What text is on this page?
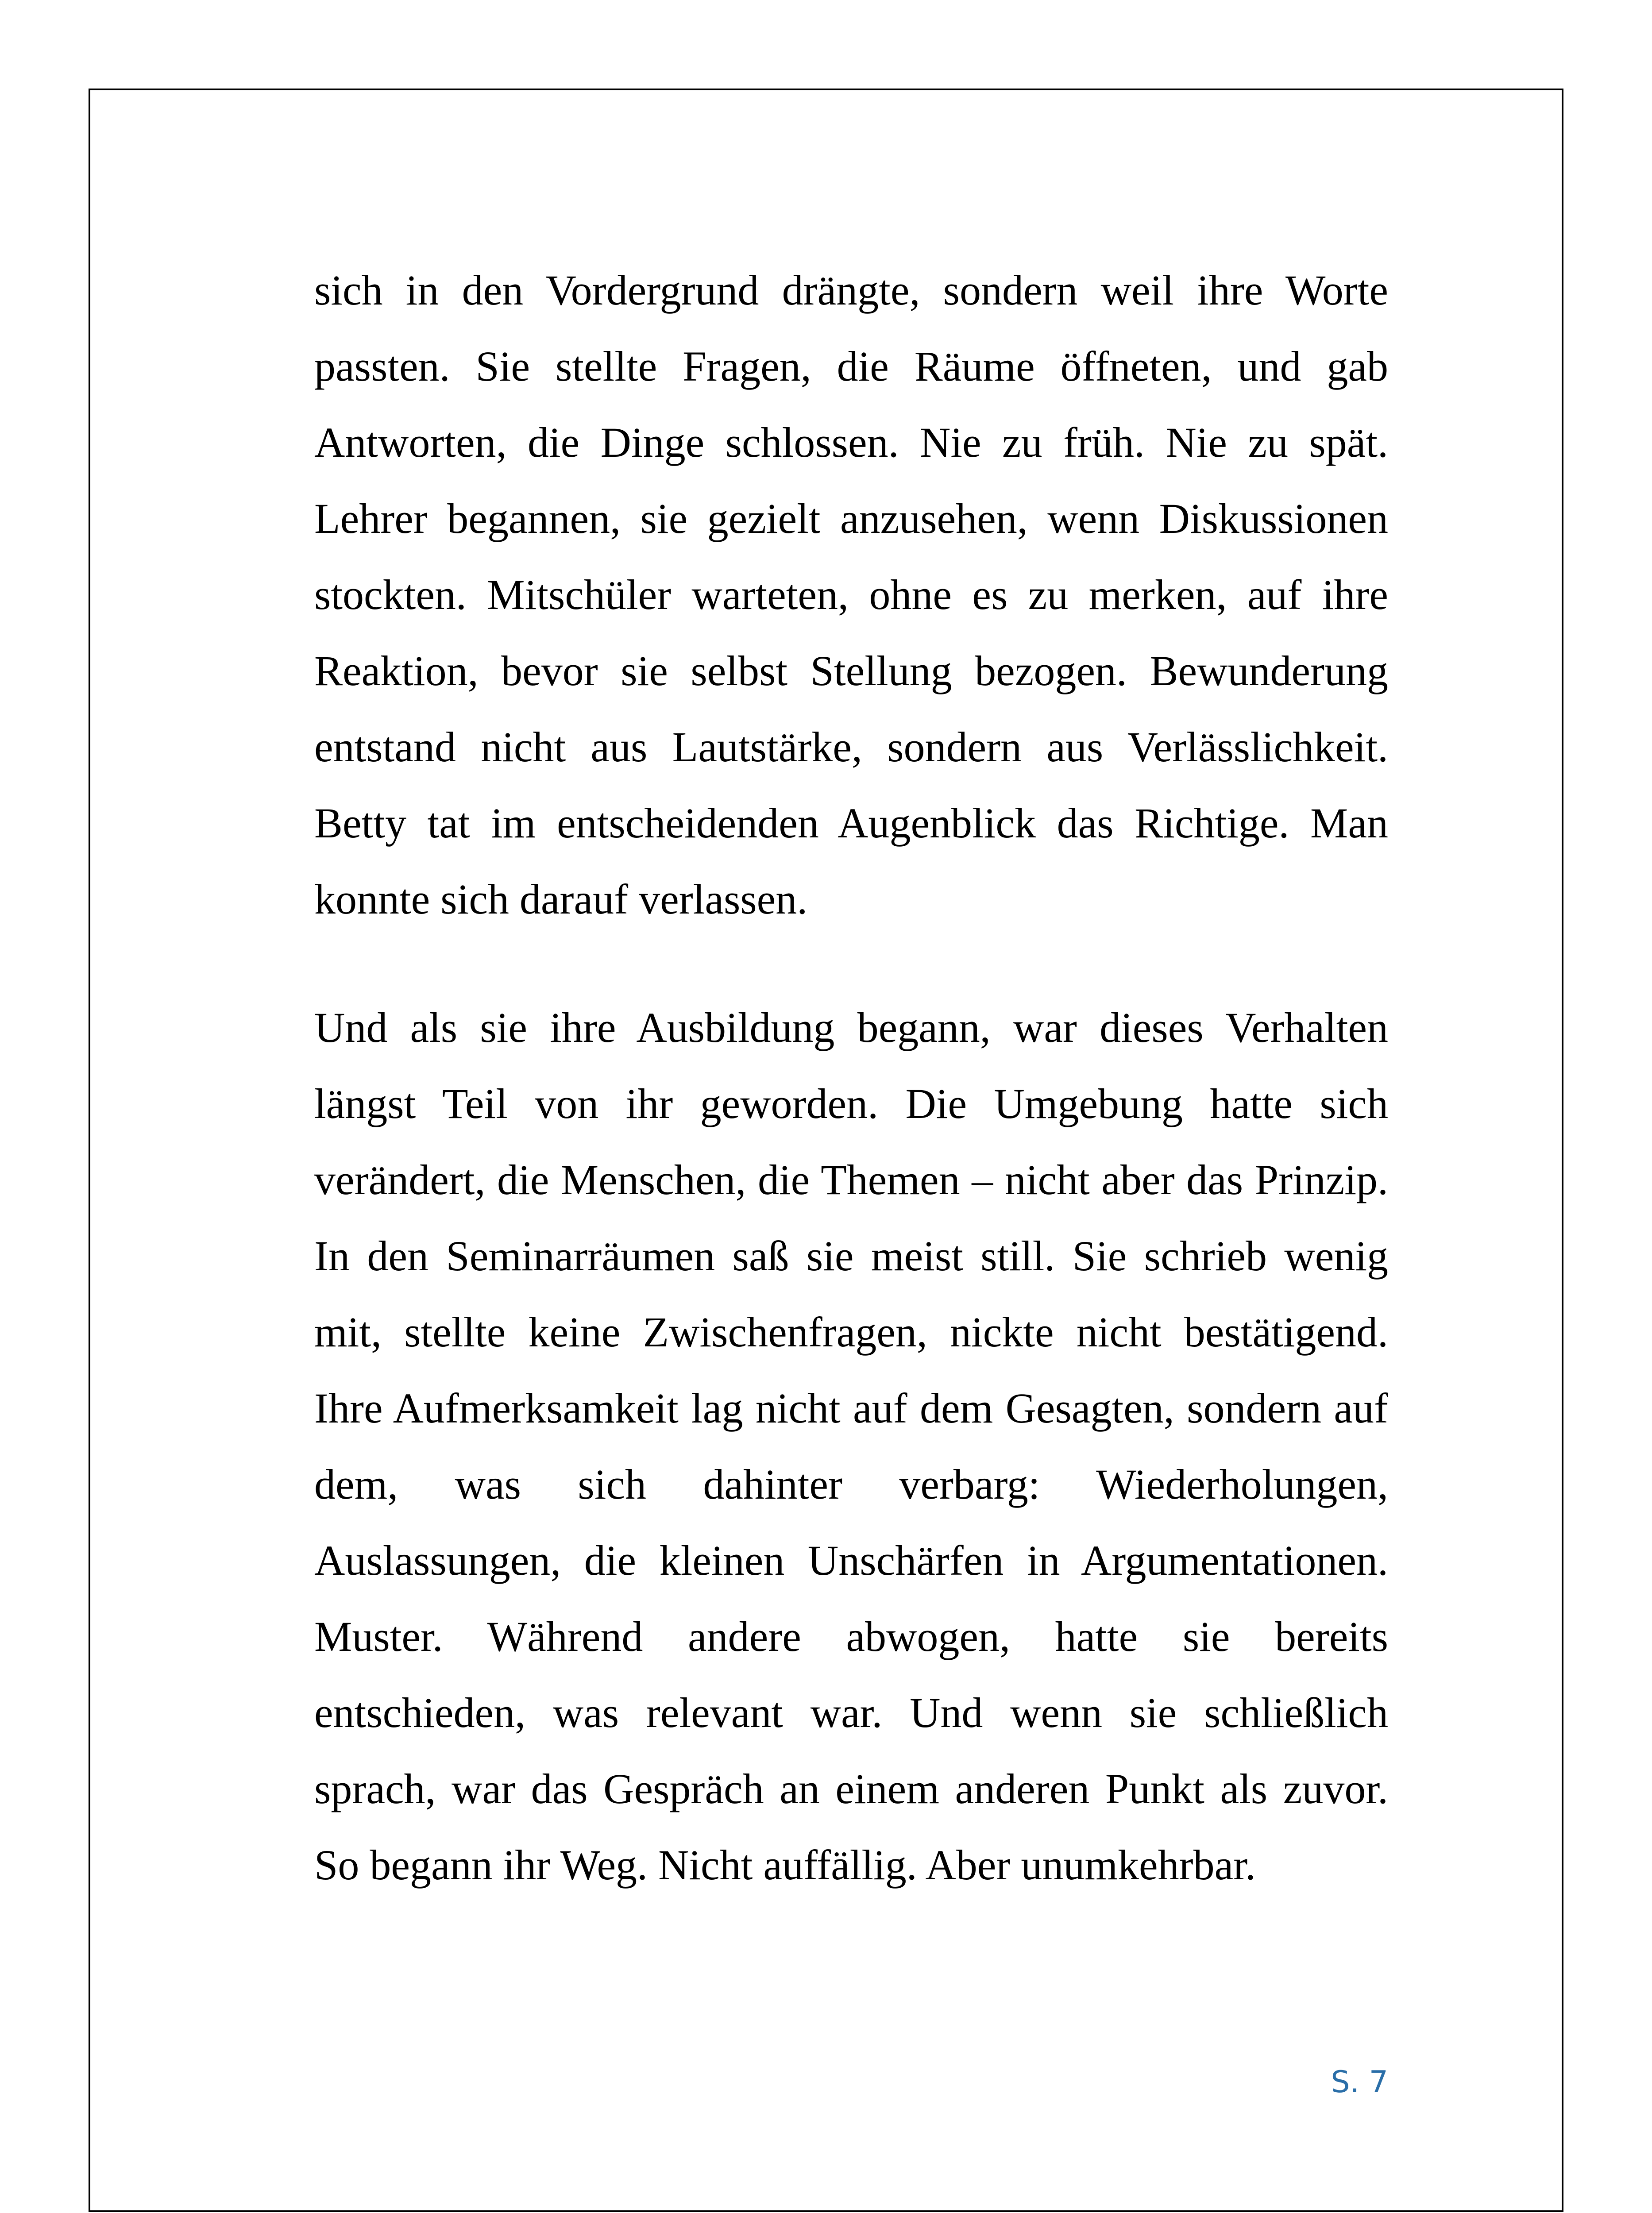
sich in den Vordergrund drängte, sondern weil ihre Worte passten. Sie stellte Fragen, die Räume öffneten, und gab Antworten, die Dinge schlossen. Nie zu früh. Nie zu spät. Lehrer begannen, sie gezielt anzusehen, wenn Diskussionen stockten. Mitschüler warteten, ohne es zu merken, auf ihre Reaktion, bevor sie selbst Stellung bezogen. Bewunderung entstand nicht aus Lautstärke, sondern aus Verlässlichkeit. Betty tat im entscheidenden Augenblick das Richtige. Man konnte sich darauf verlassen.

Und als sie ihre Ausbildung begann, war dieses Verhalten längst Teil von ihr geworden. Die Umgebung hatte sich verändert, die Menschen, die Themen – nicht aber das Prinzip. In den Seminarräumen saß sie meist still. Sie schrieb wenig mit, stellte keine Zwischenfragen, nickte nicht bestätigend. Ihre Aufmerksamkeit lag nicht auf dem Gesagten, sondern auf dem, was sich dahinter verbarg: Wiederholungen, Auslassungen, die kleinen Unschärfen in Argumentationen. Muster. Während andere abwogen, hatte sie bereits entschieden, was relevant war. Und wenn sie schließlich sprach, war das Gespräch an einem anderen Punkt als zuvor. So begann ihr Weg. Nicht auffällig. Aber unumkehrbar.

S. 7
